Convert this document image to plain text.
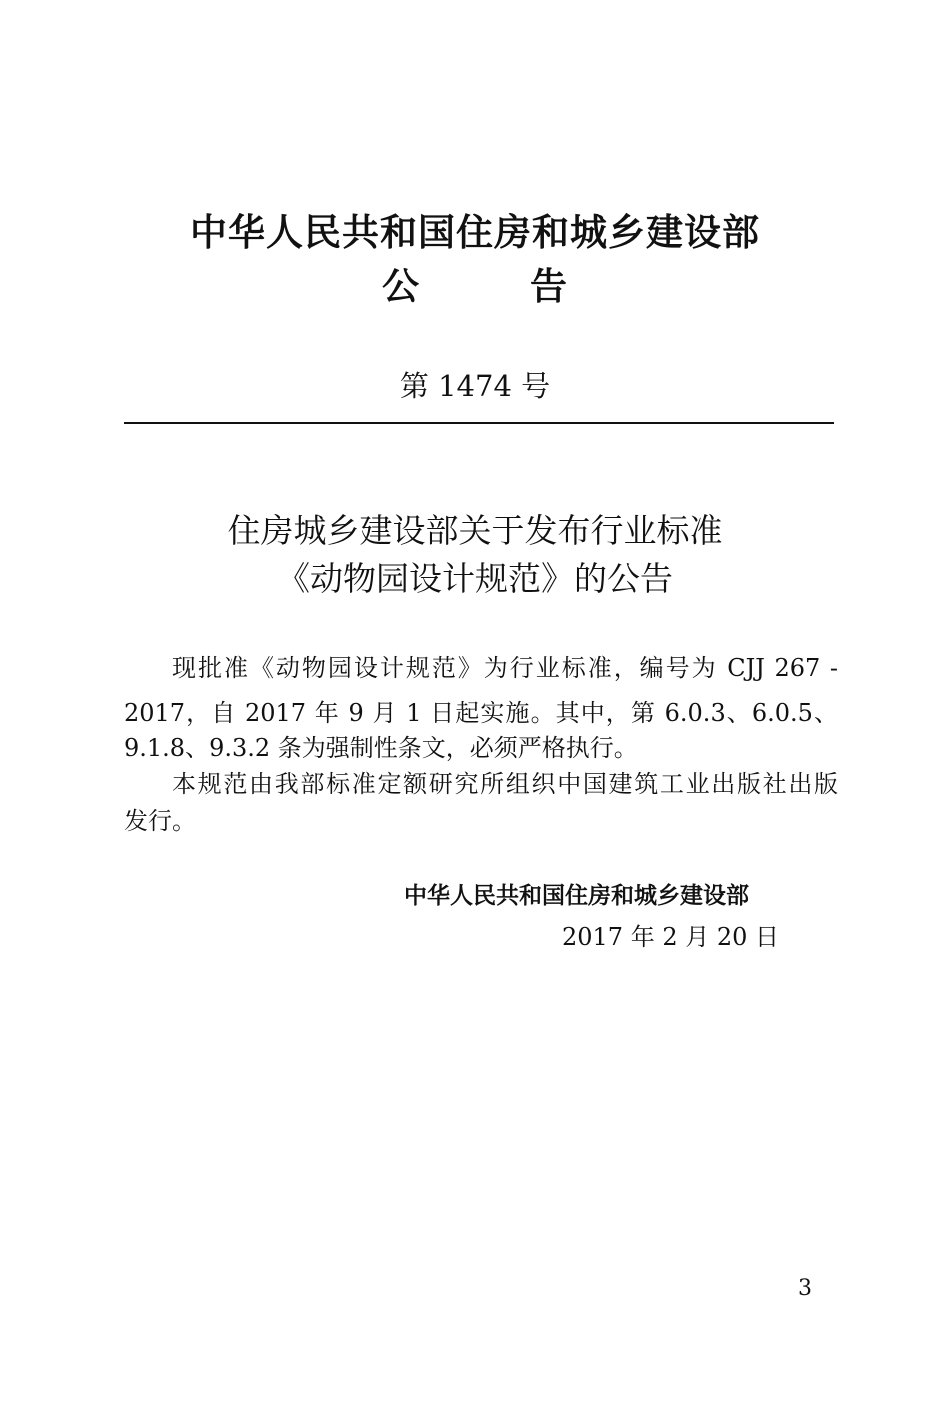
中华人民共和国住房和城乡建设部
公	告
第 1474 号
住房城乡建设部关于发布行业标准
《动物园设计规范》的公告
现批准《动物园设计规范》为行业标准，编号为 CJJ 267 -
2017，自 2017 年 9 月 1 日起实施。其中，第 6.0.3、6.0.5、
9.1.8、9.3.2 条为强制性条文，必须严格执行。
本规范由我部标准定额研究所组织中国建筑工业出版社出版
发行。
中华人民共和国住房和城乡建设部
2017 年 2 月 20 日
3
